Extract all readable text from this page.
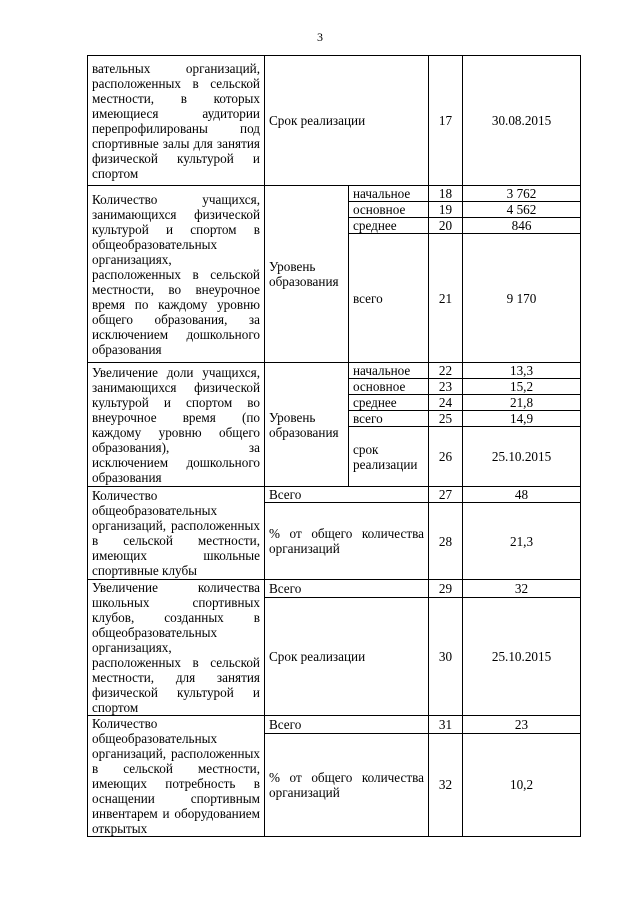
3
вательных организаций, расположенных в сельской местности, в которых имеющиеся аудитории перепрофилированы под спортивные залы для занятия физической культурой и спортом	Срок реализации		17	30.08.2015
Количество учащихся, занимающихся физической культурой и спортом в общеобразовательных организациях, расположенных в сельской местности, во внеурочное время по каждому уровню общего образования, за исключением дошкольного образования	Уровень образования	начальное	18	3 762
		основное	19	4 562
		среднее	20	846
		всего	21	9 170
Увеличение доли учащихся, занимающихся физической культурой и спортом во внеурочное время (по каждому уровню общего образования), за исключением дошкольного образования	Уровень образования	начальное	22	13,3
		основное	23	15,2
		среднее	24	21,8
		всего	25	14,9
		срок реализации	26	25.10.2015
Количество общеобразовательных организаций, расположенных в сельской местности, имеющих школьные спортивные клубы	Всего		27	48
	% от общего количества организаций		28	21,3
Увеличение количества школьных спортивных клубов, созданных в общеобразовательных организациях, расположенных в сельской местности, для занятия физической культурой и спортом	Всего		29	32
	Срок реализации		30	25.10.2015
Количество общеобразовательных организаций, расположенных в сельской местности, имеющих потребность в оснащении спортивным инвентарем и оборудованием открытых	Всего		31	23
	% от общего количества организаций		32	10,2
